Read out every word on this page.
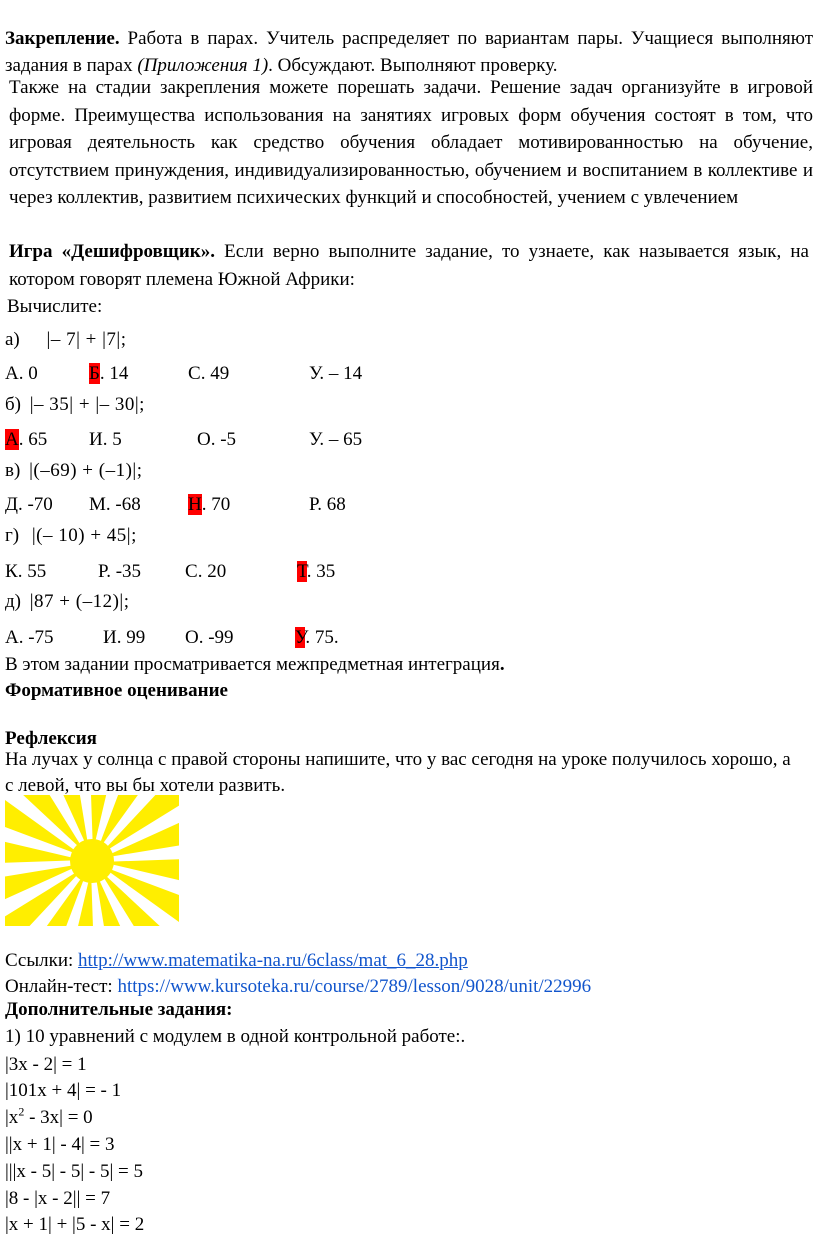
Закрепление. Работа в парах. Учитель распределяет по вариантам пары. Учащиеся выполняют задания в парах (Приложения 1). Обсуждают. Выполняют проверку.
Также на стадии закрепления можете порешать задачи. Решение задач организуйте в игровой форме. Преимущества использования на занятиях игровых форм обучения состоят в том, что игровая деятельность как средство обучения обладает мотивированностью на обучение, отсутствием принуждения, индивидуализированностью, обучением и воспитанием в коллективе и через коллектив, развитием психических функций и способностей, учением с увлечением
Игра «Дешифровщик». Если верно выполните задание, то узнаете, как называется язык, на котором говорят племена Южной Африки:
Вычислите:
а) |– 7| + |7|;
А. 0	Б. 14	С. 49	У. – 14
б) |– 35| + |– 30|;
А. 65 И. 5	О. -5	У. – 65
в) |(–69) + (–1)|;
Д. -70 М. -68 Н. 70	Р. 68
г) |(– 10) + 45|;
К. 55	Р. -35 С. 20	Т. 35
д) |87 + (–12)|;
А. -75	И. 99 О. -99	У. 75.
В этом задании просматривается межпредметная интеграция.
Формативное оценивание
Рефлексия
На лучах у солнца с правой стороны напишите, что у вас сегодня на уроке получилось хорошо, а с левой, что вы бы хотели развить.
Ссылки: http://www.matematika-na.ru/6class/mat_6_28.php
Онлайн-тест: https://www.kursoteka.ru/course/2789/lesson/9028/unit/22996
Дополнительные задания:
1) 10 уравнений с модулем в одной контрольной работе:.
|3x - 2| = 1
|101x + 4| = - 1
$|x^2 - 3x| = 0$
||x + 1| - 4| = 3
|||x - 5| - 5| - 5| = 5
|8 - |x - 2|| = 7
|x + 1| + |5 - x| = 2
